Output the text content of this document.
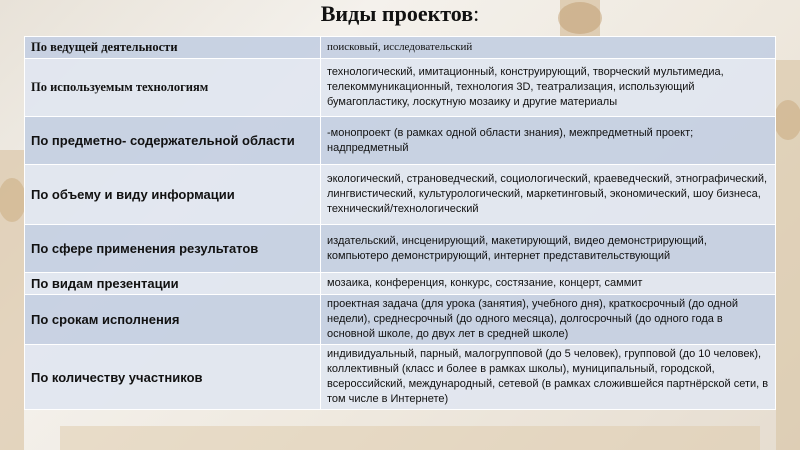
Виды проектов:
По ведущей деятельности	поисковый, исследовательский
По используемым технологиям	технологический, имитационный, конструирующий, творческий мультимедиа, телекоммуникационный, технология 3D, театрализация, использующий бумагопластику, лоскутную мозаику и другие материалы
По предметно- содержательной области	-монопроект (в рамках одной области знания), межпредметный проект; надпредметный
По объему и виду информации	экологический, страноведческий, социологический, краеведческий, этнографический, лингвистический, культурологический, маркетинговый, экономический, шоу бизнеса, технический/технологический
По сфере применения результатов	издательский, инсценирующий, макетирующий, видео демонстрирующий, компьютеро демонстрирующий, интернет представительствующий
По видам презентации	мозаика, конференция, конкурс, состязание, концерт, саммит
По срокам исполнения	проектная задача (для урока (занятия), учебного дня), краткосрочный (до одной недели), среднесрочный (до одного месяца), долгосрочный (до одного года в основной школе, до двух лет в средней школе)
По количеству участников	индивидуальный, парный, малогрупповой (до 5 человек), групповой (до 10 человек), коллективный (класс и более в рамках школы), муниципальный, городской, всероссийский, международный, сетевой (в рамках сложившейся партнёрской сети, в том числе в Интернете)
